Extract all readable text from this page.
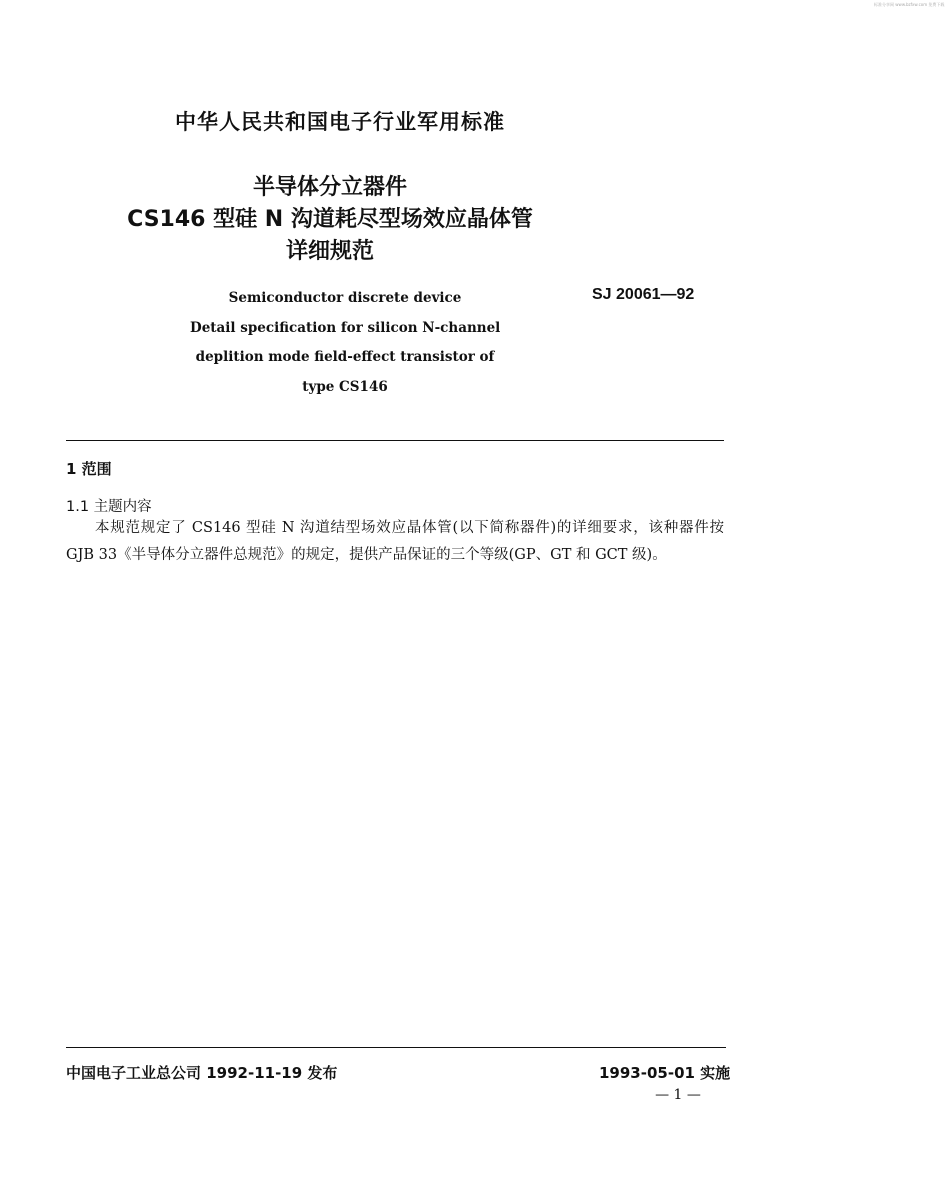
标准分享网 www.bzfxw.com 免费下载
中华人民共和国电子行业军用标准
半导体分立器件
CS146 型硅 N 沟道耗尽型场效应晶体管
详细规范
Semiconductor discrete device
Detail specification for silicon N-channel
deplition mode field-effect transistor of
type CS146
SJ 20061—92
1 范围
1.1 主题内容
本规范规定了 CS146 型硅 N 沟道结型场效应晶体管(以下简称器件)的详细要求，该种器件按 GJB 33《半导体分立器件总规范》的规定，提供产品保证的三个等级(GP、GT 和 GCT 级)。
中国电子工业总公司 1992-11-19 发布	1993-05-01 实施
— 1 —
